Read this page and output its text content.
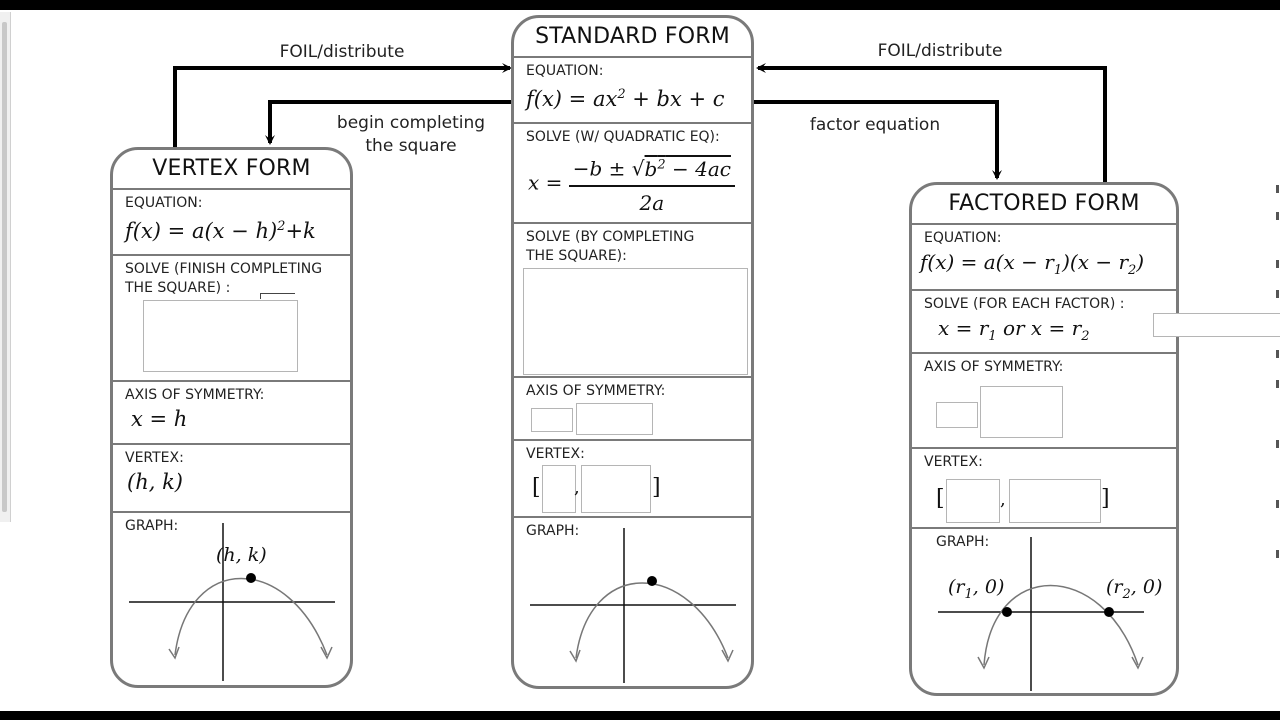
FOIL/distribute
begin completing
the square
FOIL/distribute
factor equation
VERTEX FORM
EQUATION:
$f(x) = a(x - h)^2+k$
SOLVE (FINISH COMPLETING
THE SQUARE) :
AXIS OF SYMMETRY:
x = h
VERTEX:
(h, k)
GRAPH:
(h, k)
STANDARD FORM
EQUATION:
$f(x) = ax^2$ + bx + c
SOLVE (W/ QUADRATIC EQ):
$x = \frac{-b \pm √b^2 - 4ac}{2a}$
SOLVE (BY COMPLETING
THE SQUARE):
AXIS OF SYMMETRY:
VERTEX:
[ ,	]
GRAPH:
FACTORED FORM
EQUATION:
$f(x) = a(x - r_1)(x - r_2)$
SOLVE (FOR EACH FACTOR) :
$x = r_1$ or $x = r_2$
AXIS OF SYMMETRY:
VERTEX:
[	,	]
GRAPH:
($r_1$, 0)	($r_2$, 0)
